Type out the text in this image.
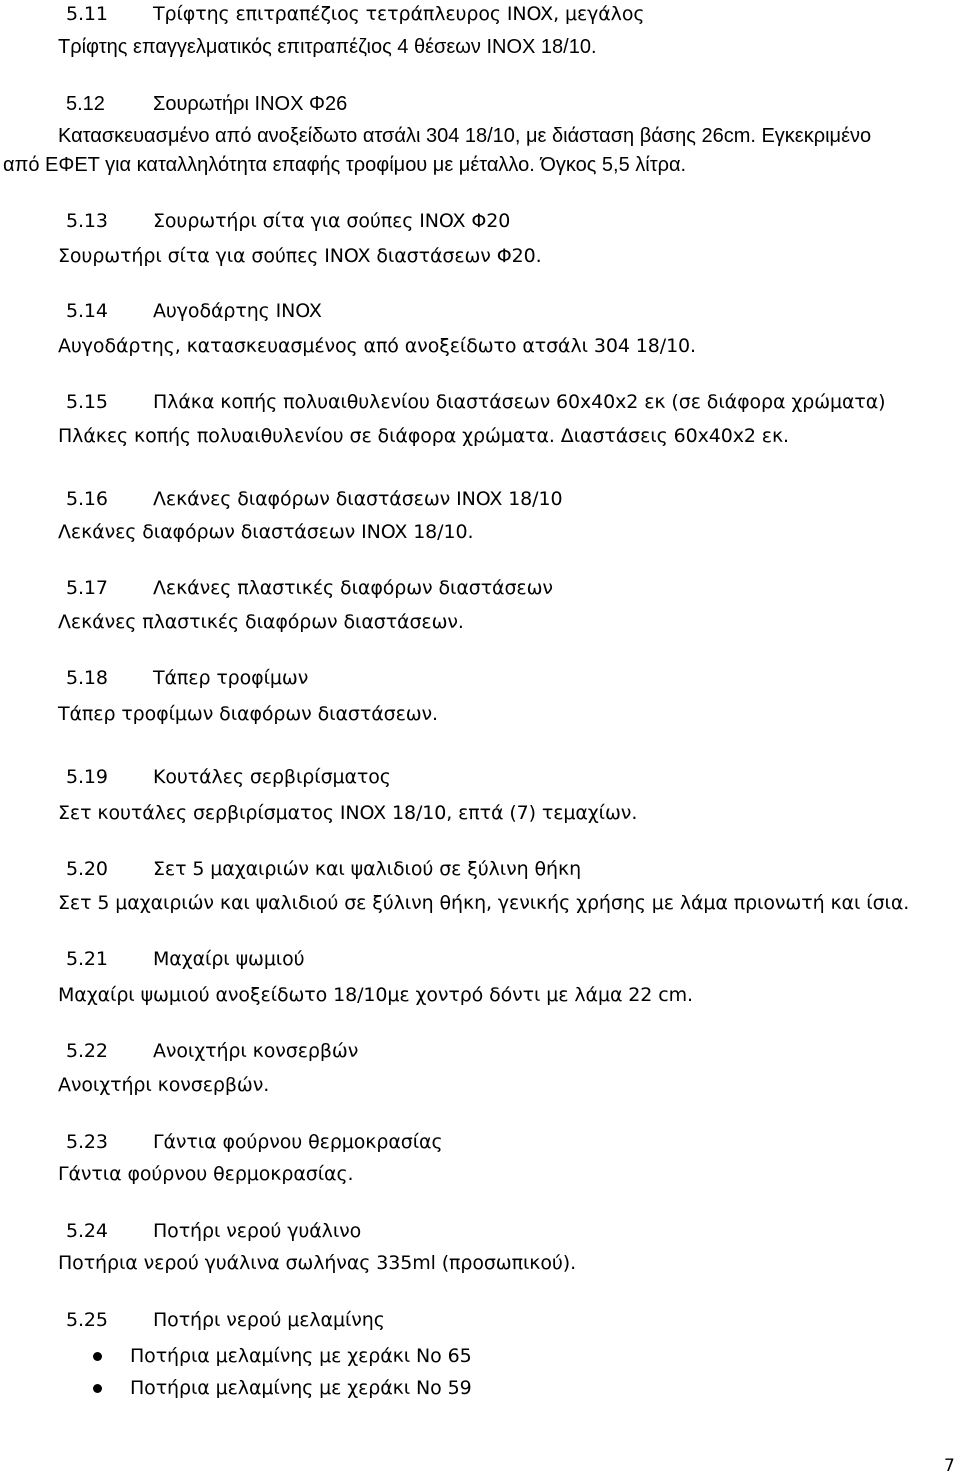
5.11 Τρίφτης επιτραπέζιος τετράπλευρος INOX, μεγάλος
Τρίφτης επαγγελματικός επιτραπέζιος 4 θέσεων INOX 18/10.
5.12 Σουρωτήρι INOX Φ26
Κατασκευασμένο από ανοξείδωτο ατσάλι 304 18/10, με διάσταση βάσης 26cm. Εγκεκριμένο
από ΕΦΕΤ για καταλληλότητα επαφής τροφίμου με μέταλλο. Όγκος 5,5 λίτρα.
5.13 Σουρωτήρι σίτα για σούπες INOX Φ20
Σουρωτήρι σίτα για σούπες INOX διαστάσεων Φ20.
5.14 Αυγοδάρτης INOX
Αυγοδάρτης, κατασκευασμένος από ανοξείδωτο ατσάλι 304 18/10.
5.15 Πλάκα κοπής πολυαιθυλενίου διαστάσεων 60x40x2 εκ (σε διάφορα χρώματα)
Πλάκες κοπής πολυαιθυλενίου σε διάφορα χρώματα. Διαστάσεις 60x40x2 εκ.
5.16 Λεκάνες διαφόρων διαστάσεων INOX 18/10
Λεκάνες διαφόρων διαστάσεων INOX 18/10.
5.17 Λεκάνες πλαστικές διαφόρων διαστάσεων
Λεκάνες πλαστικές διαφόρων διαστάσεων.
5.18 Τάπερ τροφίμων
Τάπερ τροφίμων διαφόρων διαστάσεων.
5.19 Κουτάλες σερβιρίσματος
Σετ κουτάλες σερβιρίσματος INOX 18/10, επτά (7) τεμαχίων.
5.20 Σετ 5 μαχαιριών και ψαλιδιού σε ξύλινη θήκη
Σετ 5 μαχαιριών και ψαλιδιού σε ξύλινη θήκη, γενικής χρήσης με λάμα πριονωτή και ίσια.
5.21 Μαχαίρι ψωμιού
Μαχαίρι ψωμιού ανοξείδωτο 18/10με χοντρό δόντι με λάμα 22 cm.
5.22 Ανοιχτήρι κονσερβών
Ανοιχτήρι κονσερβών.
5.23 Γάντια φούρνου θερμοκρασίας
Γάντια φούρνου θερμοκρασίας.
5.24 Ποτήρι νερού γυάλινο
Ποτήρια νερού γυάλινα σωλήνας 335ml (προσωπικού).
5.25 Ποτήρι νερού μελαμίνης
Ποτήρια μελαμίνης με χεράκι Νο 65
Ποτήρια μελαμίνης με χεράκι Νο 59
7
